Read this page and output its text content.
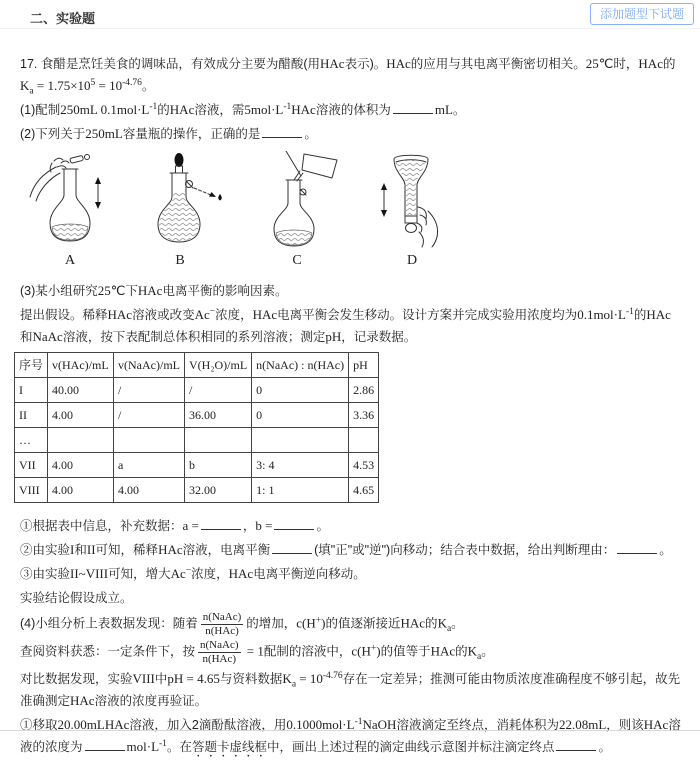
二、实验题	添加题型下试题

17. 食醋是烹饪美食的调味品，有效成分主要为醋酸(用HAc表示)。HAc的应用与其电离平衡密切相关。25℃时，HAc的$K_a = 1.75\times 10^5 = 10^{-4.76}$。

(1)配制250mL $0.1mol\cdot L^{-1}$的HAc溶液，需$5mol\cdot L^{-1}HAc$溶液的体积为	mL。

(2)下列关于250mL容量瓶的操作，正确的是	。

A	B	C	D

(3)某小组研究25℃下HAc电离平衡的影响因素。

提出假设。稀释HAc溶液或改变Ac−浓度，HAc电离平衡会发生移动。设计方案并完成实验用浓度均为$0.1mol\cdot L^{-1}$的HAc和NaAc溶液，按下表配制总体积相同的系列溶液；测定pH，记录数据。

序号	v(HAc)/mL	v(NaAc)/mL	V(H₂O)/mL	n(NaAc) : n(HAc)	pH
I	40.00	/	/	0	2.86
II	4.00	/	36.00	0	3.36
…					
VII	4.00	a	b	3: 4	4.53
VIII	4.00	4.00	32.00	1: 1	4.65

①根据表中信息，补充数据：a =	，b =	。

②由实验I和II可知，稀释HAc溶液，电离平衡	(填"正"或"逆")向移动；结合表中数据，给出判断理由：	。

③由实验II~VIII可知，增大Ac−浓度，HAc电离平衡逆向移动。

实验结论假设成立。

(4)小组分析上表数据发现：随着 $\frac{\text{n(NaAc)}}{\text{n(HAc)}}$ 的增加，c(H+)的值逐渐接近HAc的$K_a$。

查阅资料获悉：一定条件下，按 $\frac{\text{n(NaAc)}}{\text{n(HAc)}} = 1$配制的溶液中，c(H+)的值等于HAc的$K_a$。

对比数据发现，实验VIII中pH = 4.65与资料数据$K_a = 10^{-4.76}$存在一定差异；推测可能由物质浓度准确程度不够引起，故先准确测定HAc溶液的浓度再验证。

①移取20.00mLHAc溶液，加入2滴酚酞溶液，用$0.1000mol\cdot L^{-1}NaOH$溶液滴定至终点，消耗体积为22.08mL，则该HAc溶液的浓度为	$mol\cdot L^{-1}$。在答题卡虚线框中，画出上述过程的滴定曲线示意图并标注滴定终点	。
